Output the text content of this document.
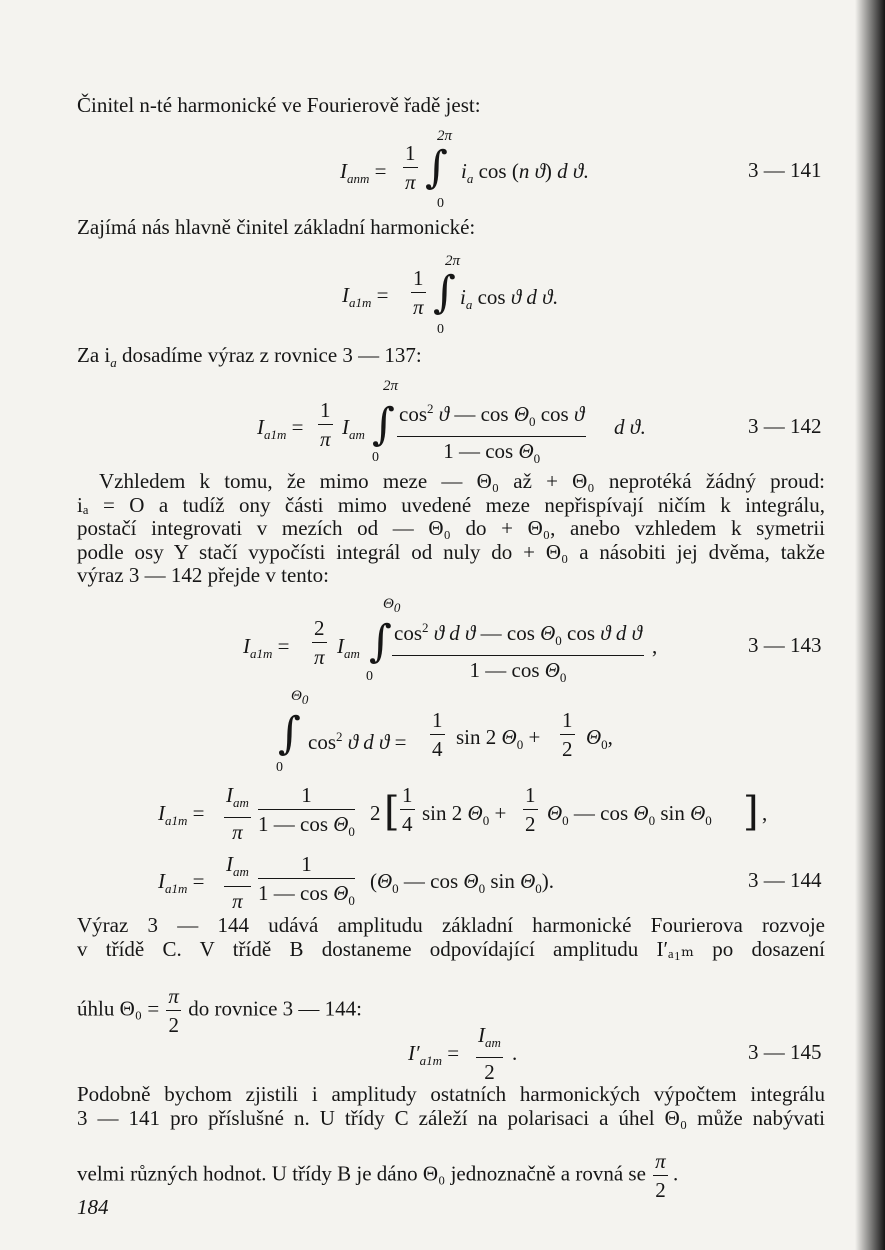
Činitel n-té harmonické ve Fourierově řadě jest:
$I_{anm} = \frac{1}{\pi}$ ∫
2π
0
$i_a$ cos (n ϑ) d ϑ.	3 — 141
Zajímá nás hlavně činitel základní harmonické:
$I_{a1m} = \frac{1}{\pi}$ ∫
2π
0
$i_a$ cos ϑ d ϑ.
Za $i_a$ dosadíme výraz z rovnice 3 — 137:
$I_{a1m} = \frac{1}{\pi} I_{am}$ ∫
2π
$0 \frac{\cos^2 ϑ — \cos \Theta_0 \cos ϑ}{1 — \cos \Theta_0}$ d ϑ.	3 — 142
Vzhledem k tomu, že mimo meze — Θ₀ až + Θ₀ neprotéká žádný proud:
iₐ = O a tudíž ony části mimo uvedené meze nepřispívají ničím k integrálu,
postačí integrovati v mezích od — Θ₀ do + Θ₀, anebo vzhledem k symetrii
podle osy Y stačí vypočísti integrál od nuly do + Θ₀ a násobiti jej dvěma, takže
výraz 3 — 142 přejde v tento:
$I_{a1m} = \frac{2}{\pi} I_{am}$ ∫
$\Theta_0$
$0 \frac{\cos^2 ϑ d ϑ — \cos \Theta_0 \cos ϑ d ϑ}{1 — \cos \Theta_0}$ ,	3 — 143
∫
$\Theta_0$
0
$\cos^2 ϑ$ d $ϑ = \frac{1}{4}$ sin 2 $\Theta_0 + \frac{1}{2} \Theta_0$,
$I_{a1m}$ =
$I_{am}$
π $\frac{1}{1 — \cos \Theta_0} 2$ [ $\frac{1}{4}$ sin 2 $\Theta_0 + \frac{1}{2} \Theta_0$ — $\cos \Theta_0$ $\sin \Theta_0$ ] ,
$I_{a1m}$ =
$I_{am}$
π $\frac{1}{1 — \cos \Theta_0} (\Theta_0$ — $\cos \Theta_0$ $\sin \Theta_0$).	3 — 144
Výraz 3 — 144 udává amplitudu základní harmonické Fourierova rozvoje
v třídě C. V třídě B dostaneme odpovídající amplitudu I′ₐ₁ₘ po dosazení
úhlu $\Theta_0 = \frac{\pi}{2}$ do rovnice 3 — 144:
$I'_{a1m}$ =
$I_{am}$
2
.	3 — 145
Podobně bychom zjistili i amplitudy ostatních harmonických výpočtem integrálu
3 — 141 pro příslušné n. U třídy C záleží na polarisaci a úhel Θ₀ může nabývati
velmi různých hodnot. U třídy B je dáno Θ₀ jednoznačně a rovná se $\frac{\pi}{2}$ .
184
